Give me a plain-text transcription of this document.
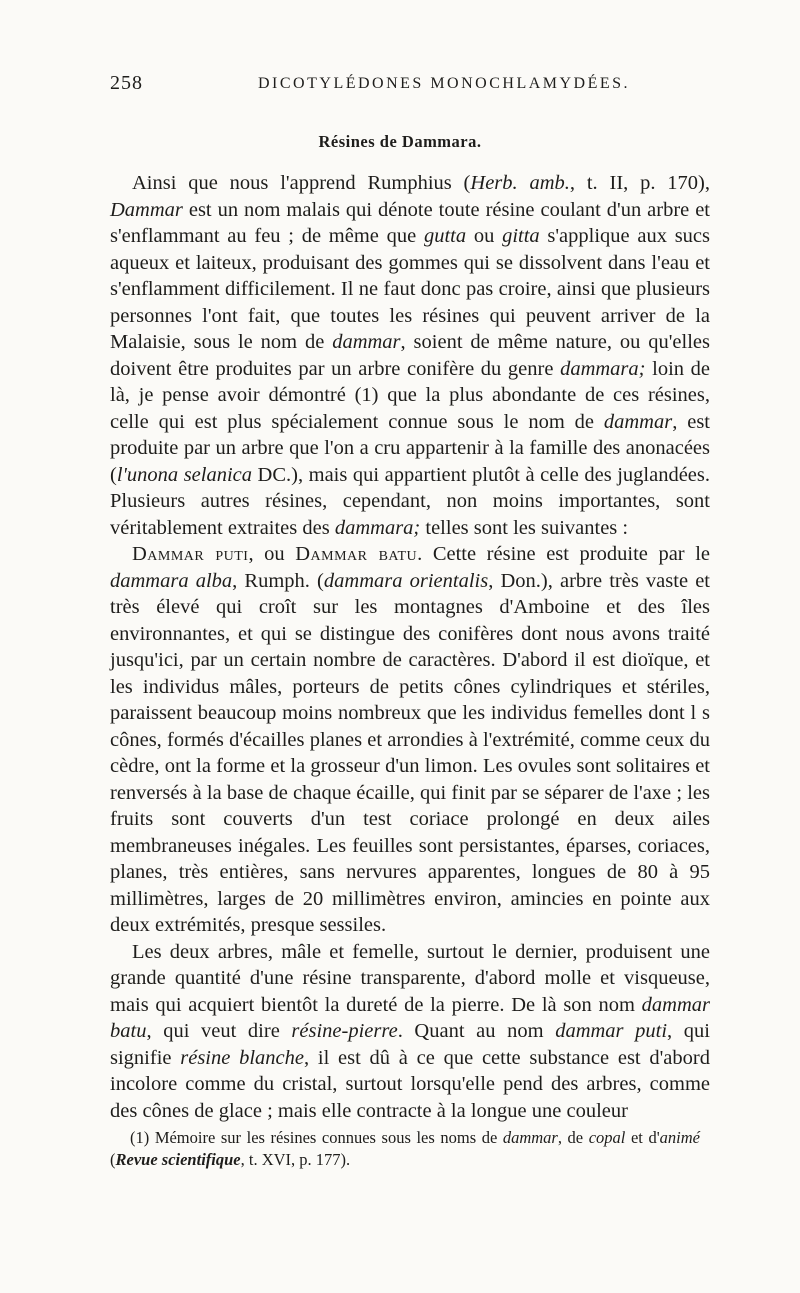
258	DICOTYLÉDONES MONOCHLAMYDÉES.
Résines de Dammara.

Ainsi que nous l'apprend Rumphius (Herb. amb., t. II, p. 170), Dammar est un nom malais qui dénote toute résine coulant d'un arbre et s'enflammant au feu ; de même que gutta ou gitta s'applique aux sucs aqueux et laiteux, produisant des gommes qui se dissolvent dans l'eau et s'enflamment difficilement. Il ne faut donc pas croire, ainsi que plusieurs personnes l'ont fait, que toutes les résines qui peuvent arriver de la Malaisie, sous le nom de dammar, soient de même nature, ou qu'elles doivent être produites par un arbre conifère du genre dammara; loin de là, je pense avoir démontré (1) que la plus abondante de ces résines, celle qui est plus spécialement connue sous le nom de dammar, est produite par un arbre que l'on a cru appartenir à la famille des anonacées (l'unona selanica DC.), mais qui appartient plutôt à celle des juglandées. Plusieurs autres résines, cependant, non moins importantes, sont véritablement extraites des dammara; telles sont les suivantes :

Dammar puti, ou Dammar batu. Cette résine est produite par le dammara alba, Rumph. (dammara orientalis, Don.), arbre très vaste et très élevé qui croît sur les montagnes d'Amboine et des îles environnantes, et qui se distingue des conifères dont nous avons traité jusqu'ici, par un certain nombre de caractères. D'abord il est dioïque, et les individus mâles, porteurs de petits cônes cylindriques et stériles, paraissent beaucoup moins nombreux que les individus femelles dont l s cônes, formés d'écailles planes et arrondies à l'extrémité, comme ceux du cèdre, ont la forme et la grosseur d'un limon. Les ovules sont solitaires et renversés à la base de chaque écaille, qui finit par se séparer de l'axe ; les fruits sont couverts d'un test coriace prolongé en deux ailes membraneuses inégales. Les feuilles sont persistantes, éparses, coriaces, planes, très entières, sans nervures apparentes, longues de 80 à 95 millimètres, larges de 20 millimètres environ, amincies en pointe aux deux extrémités, presque sessiles.

Les deux arbres, mâle et femelle, surtout le dernier, produisent une grande quantité d'une résine transparente, d'abord molle et visqueuse, mais qui acquiert bientôt la dureté de la pierre. De là son nom dammar batu, qui veut dire résine-pierre. Quant au nom dammar puti, qui signifie résine blanche, il est dû à ce que cette substance est d'abord incolore comme du cristal, surtout lorsqu'elle pend des arbres, comme des cônes de glace ; mais elle contracte à la longue une couleur

(1) Mémoire sur les résines connues sous les noms de dammar, de copal et d'animé (Revue scientifique, t. XVI, p. 177).
